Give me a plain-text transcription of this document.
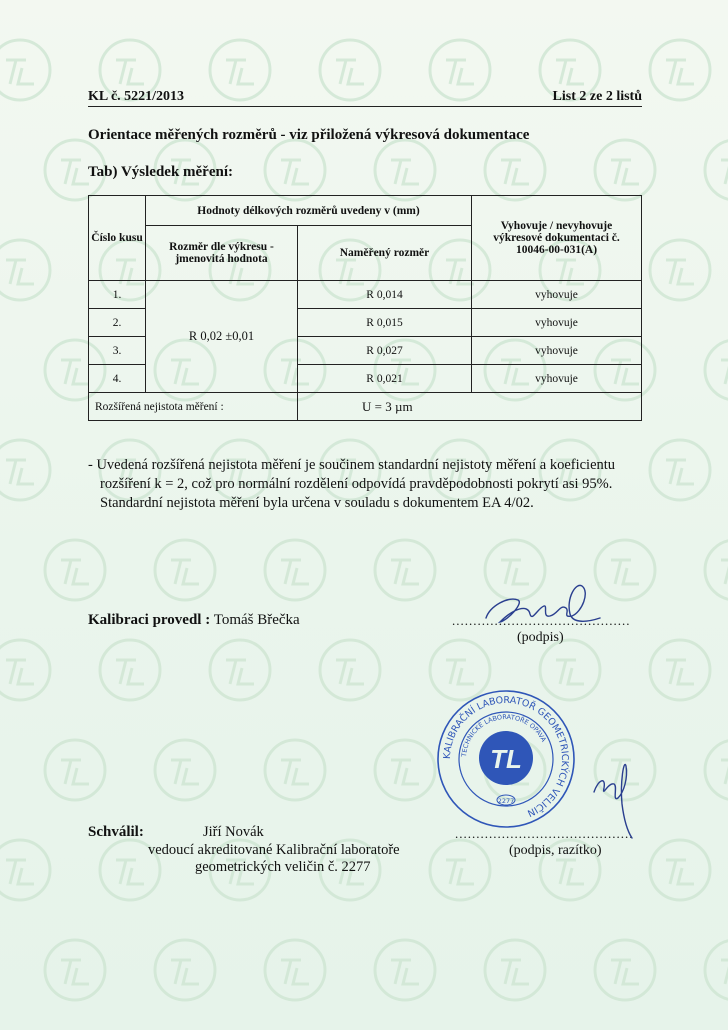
KL č. 5221/2013	List 2 ze 2 listů
Orientace měřených rozměrů - viz přiložená výkresová dokumentace
Tab) Výsledek měření:
Číslo kusu	Hodnoty délkových rozměrů uvedeny v (mm)		Vyhovuje / nevyhovuje výkresové dokumentaci č. 10046-00-031(A)
	Rozměr dle výkresu - jmenovitá hodnota	Naměřený rozměr	
1.	R 0,02 ±0,01	R 0,014	vyhovuje
2.		R 0,015	vyhovuje
3.		R 0,027	vyhovuje
4.		R 0,021	vyhovuje
Rozšířená nejistota měření :		U = 3 µm	
- Uvedená rozšířená nejistota měření je součinem standardní nejistoty měření a koeficientu
rozšíření k = 2, což pro normální rozdělení odpovídá pravděpodobnosti pokrytí asi 95%.
Standardní nejistota měření byla určena v souladu s dokumentem EA 4/02.
Kalibraci provedl : Tomáš Břečka	..........................................
(podpis)
Schválil:	Jiří Novák
vedoucí akreditované Kalibrační laboratoře
geometrických veličin č. 2277
..........................................
(podpis, razítko)
KALIBRAČNÍ LABORATOŘ GEOMETRICKÝCH VELIČIN
TECHNICKÉ LABORATOŘE OPAVA
TL
2277
